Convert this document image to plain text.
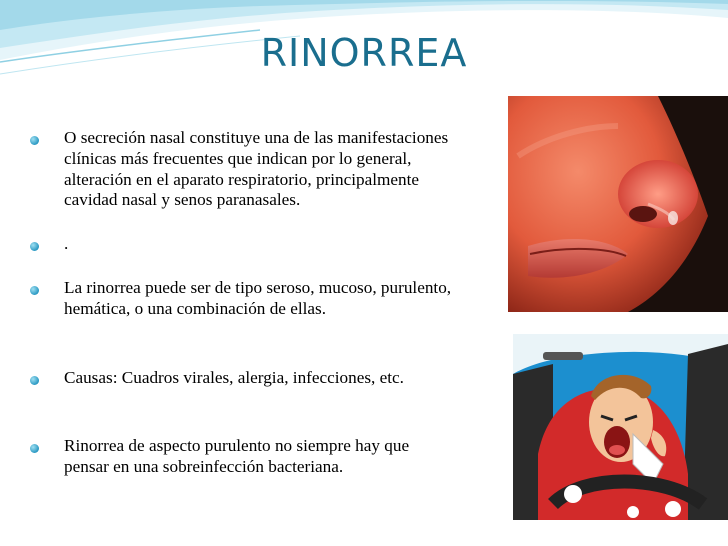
RINORREA
O secreción nasal constituye una de las manifestaciones clínicas más frecuentes que indican por lo general, alteración en el aparato respiratorio, principalmente cavidad nasal y senos paranasales.
.
La rinorrea puede ser de tipo seroso, mucoso, purulento, hemática, o una combinación de ellas.
Causas: Cuadros virales, alergia, infecciones, etc.
Rinorrea de aspecto purulento no siempre hay que pensar en una sobreinfección bacteriana.
